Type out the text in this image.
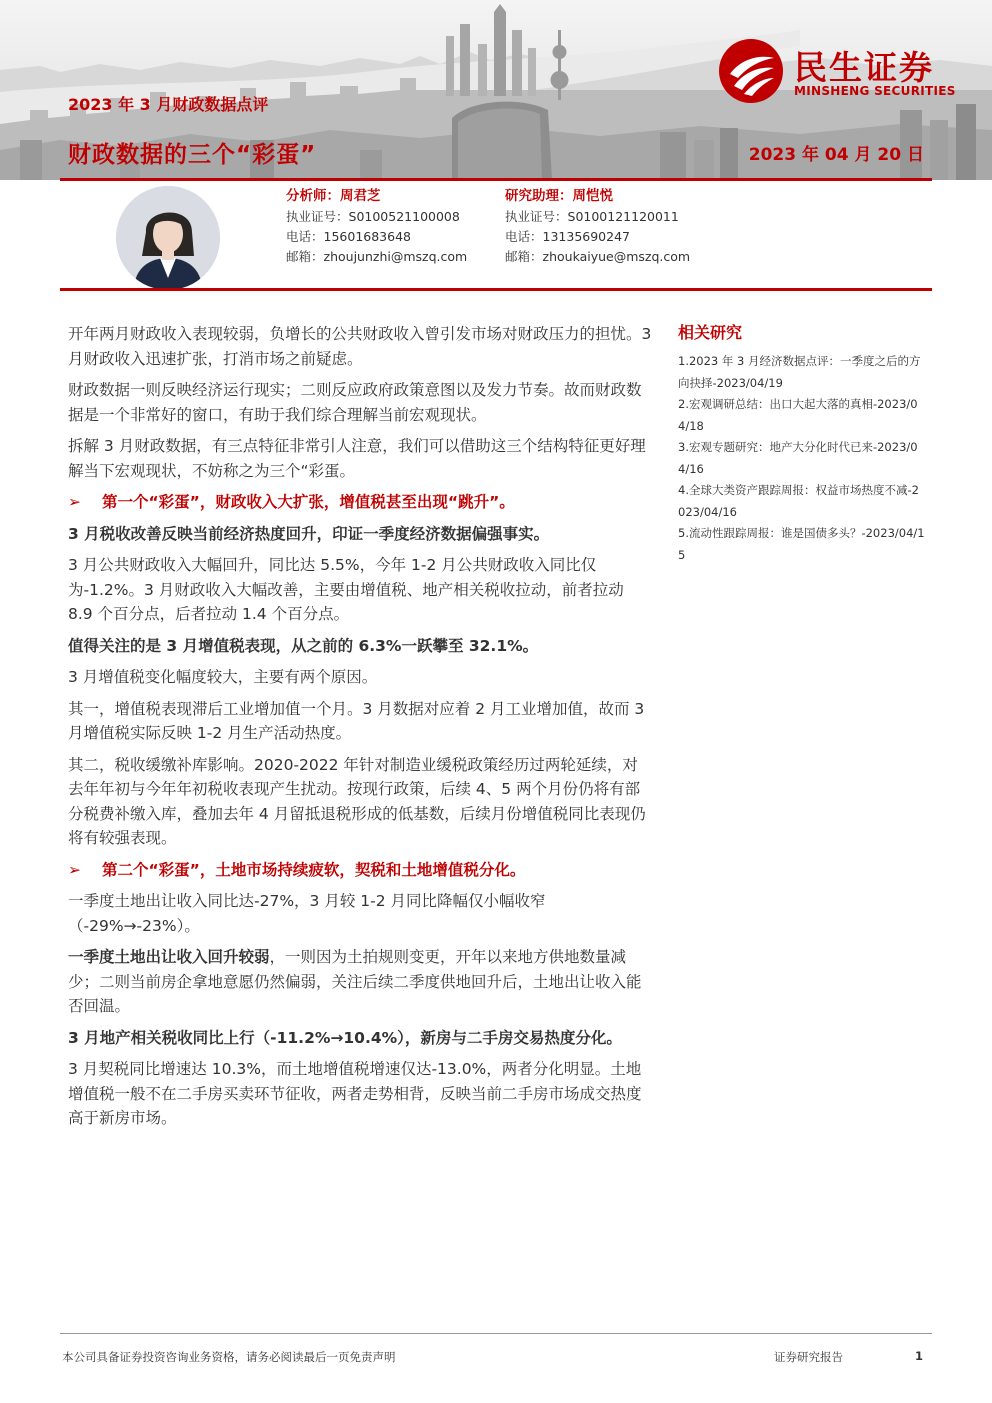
民生证券
MINSHENG SECURITIES
2023 年 3 月财政数据点评
财政数据的三个“彩蛋”	2023 年 04 月 20 日
分析师：周君芝
执业证号：S0100521100008
电话：15601683648
邮箱：zhoujunzhi@mszq.com
研究助理：周恺悦
执业证号：S0100121120011
电话：13135690247
邮箱：zhoukaiyue@mszq.com

开年两月财政收入表现较弱，负增长的公共财政收入曾引发市场对财政压力的担忧。3 月财政收入迅速扩张，打消市场之前疑虑。

财政数据一则反映经济运行现实；二则反应政府政策意图以及发力节奏。故而财政数据是一个非常好的窗口，有助于我们综合理解当前宏观现状。

拆解 3 月财政数据，有三点特征非常引人注意，我们可以借助这三个结构特征更好理解当下宏观现状，不妨称之为三个“彩蛋。

➢ 第一个“彩蛋”，财政收入大扩张，增值税甚至出现“跳升”。

3 月税收改善反映当前经济热度回升，印证一季度经济数据偏强事实。

3 月公共财政收入大幅回升，同比达 5.5%，今年 1-2 月公共财政收入同比仅为-1.2%。3 月财政收入大幅改善，主要由增值税、地产相关税收拉动，前者拉动 8.9 个百分点，后者拉动 1.4 个百分点。

值得关注的是 3 月增值税表现，从之前的 6.3%一跃攀至 32.1%。

3 月增值税变化幅度较大，主要有两个原因。

其一，增值税表现滞后工业增加值一个月。3 月数据对应着 2 月工业增加值，故而 3 月增值税实际反映 1-2 月生产活动热度。

其二，税收缓缴补库影响。2020-2022 年针对制造业缓税政策经历过两轮延续，对去年年初与今年年初税收表现产生扰动。按现行政策，后续 4、5 两个月份仍将有部分税费补缴入库，叠加去年 4 月留抵退税形成的低基数，后续月份增值税同比表现仍将有较强表现。

➢ 第二个“彩蛋”，土地市场持续疲软，契税和土地增值税分化。

一季度土地出让收入同比达-27%，3 月较 1-2 月同比降幅仅小幅收窄（-29%→-23%）。

一季度土地出让收入回升较弱，一则因为土拍规则变更，开年以来地方供地数量减少；二则当前房企拿地意愿仍然偏弱，关注后续二季度供地回升后，土地出让收入能否回温。

3 月地产相关税收同比上行（-11.2%→10.4%），新房与二手房交易热度分化。

3 月契税同比增速达 10.3%，而土地增值税增速仅达-13.0%，两者分化明显。土地增值税一般不在二手房买卖环节征收，两者走势相背，反映当前二手房市场成交热度高于新房市场。

相关研究
1.2023 年 3 月经济数据点评：一季度之后的方向抉择-2023/04/19
2.宏观调研总结：出口大起大落的真相-2023/04/18
3.宏观专题研究：地产大分化时代已来-2023/04/16
4.全球大类资产跟踪周报：权益市场热度不减-2023/04/16
5.流动性跟踪周报：谁是国债多头？-2023/04/15
本公司具备证券投资咨询业务资格，请务必阅读最后一页免责声明	证券研究报告	1
